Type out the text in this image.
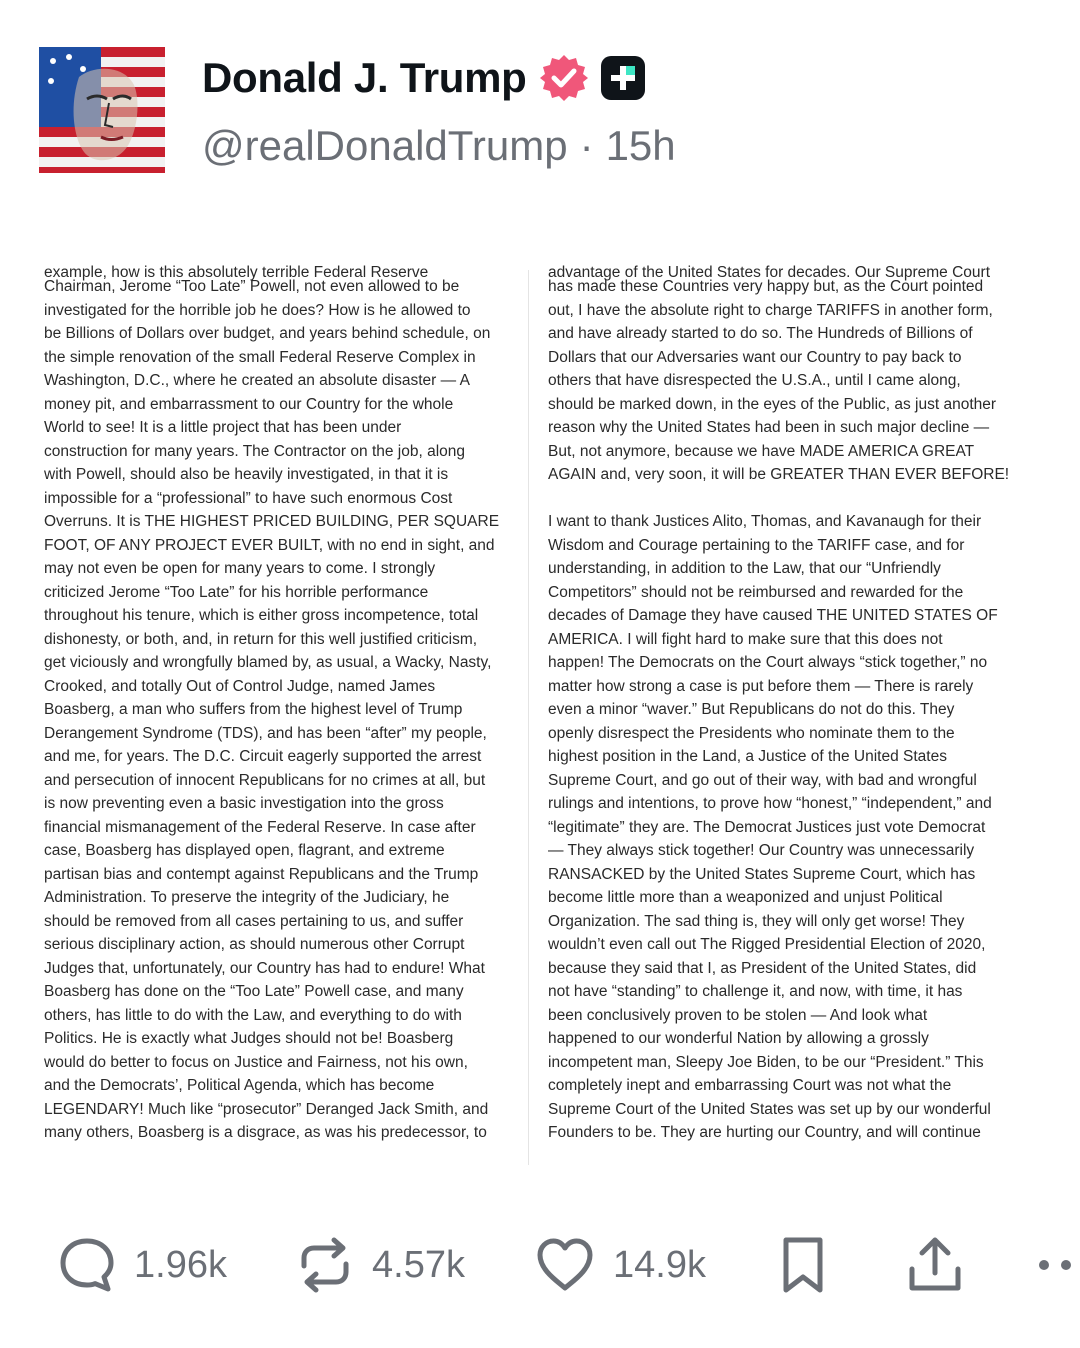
Donald J. Trump
@realDonaldTrump · 15h
example, how is this absolutely terrible Federal Reserve
Chairman, Jerome “Too Late” Powell, not even allowed to be
investigated for the horrible job he does? How is he allowed to
be Billions of Dollars over budget, and years behind schedule, on
the simple renovation of the small Federal Reserve Complex in
Washington, D.C., where he created an absolute disaster — A
money pit, and embarrassment to our Country for the whole
World to see! It is a little project that has been under
construction for many years. The Contractor on the job, along
with Powell, should also be heavily investigated, in that it is
impossible for a “professional” to have such enormous Cost
Overruns. It is THE HIGHEST PRICED BUILDING, PER SQUARE
FOOT, OF ANY PROJECT EVER BUILT, with no end in sight, and
may not even be open for many years to come. I strongly
criticized Jerome “Too Late” for his horrible performance
throughout his tenure, which is either gross incompetence, total
dishonesty, or both, and, in return for this well justified criticism,
get viciously and wrongfully blamed by, as usual, a Wacky, Nasty,
Crooked, and totally Out of Control Judge, named James
Boasberg, a man who suffers from the highest level of Trump
Derangement Syndrome (TDS), and has been “after” my people,
and me, for years. The D.C. Circuit eagerly supported the arrest
and persecution of innocent Republicans for no crimes at all, but
is now preventing even a basic investigation into the gross
financial mismanagement of the Federal Reserve. In case after
case, Boasberg has displayed open, flagrant, and extreme
partisan bias and contempt against Republicans and the Trump
Administration. To preserve the integrity of the Judiciary, he
should be removed from all cases pertaining to us, and suffer
serious disciplinary action, as should numerous other Corrupt
Judges that, unfortunately, our Country has had to endure! What
Boasberg has done on the “Too Late” Powell case, and many
others, has little to do with the Law, and everything to do with
Politics. He is exactly what Judges should not be! Boasberg
would do better to focus on Justice and Fairness, not his own,
and the Democrats’, Political Agenda, which has become
LEGENDARY! Much like “prosecutor” Deranged Jack Smith, and
many others, Boasberg is a disgrace, as was his predecessor, to
advantage of the United States for decades. Our Supreme Court
has made these Countries very happy but, as the Court pointed
out, I have the absolute right to charge TARIFFS in another form,
and have already started to do so. The Hundreds of Billions of
Dollars that our Adversaries want our Country to pay back to
others that have disrespected the U.S.A., until I came along,
should be marked down, in the eyes of the Public, as just another
reason why the United States had been in such major decline —
But, not anymore, because we have MADE AMERICA GREAT
AGAIN and, very soon, it will be GREATER THAN EVER BEFORE!
I want to thank Justices Alito, Thomas, and Kavanaugh for their
Wisdom and Courage pertaining to the TARIFF case, and for
understanding, in addition to the Law, that our “Unfriendly
Competitors” should not be reimbursed and rewarded for the
decades of Damage they have caused THE UNITED STATES OF
AMERICA. I will fight hard to make sure that this does not
happen! The Democrats on the Court always “stick together,” no
matter how strong a case is put before them — There is rarely
even a minor “waver.” But Republicans do not do this. They
openly disrespect the Presidents who nominate them to the
highest position in the Land, a Justice of the United States
Supreme Court, and go out of their way, with bad and wrongful
rulings and intentions, to prove how “honest,” “independent,” and
“legitimate” they are. The Democrat Justices just vote Democrat
— They always stick together! Our Country was unnecessarily
RANSACKED by the United States Supreme Court, which has
become little more than a weaponized and unjust Political
Organization. The sad thing is, they will only get worse! They
wouldn’t even call out The Rigged Presidential Election of 2020,
because they said that I, as President of the United States, did
not have “standing” to challenge it, and now, with time, it has
been conclusively proven to be stolen — And look what
happened to our wonderful Nation by allowing a grossly
incompetent man, Sleepy Joe Biden, to be our “President.” This
completely inept and embarrassing Court was not what the
Supreme Court of the United States was set up by our wonderful
Founders to be. They are hurting our Country, and will continue
1.96k	4.57k	14.9k
